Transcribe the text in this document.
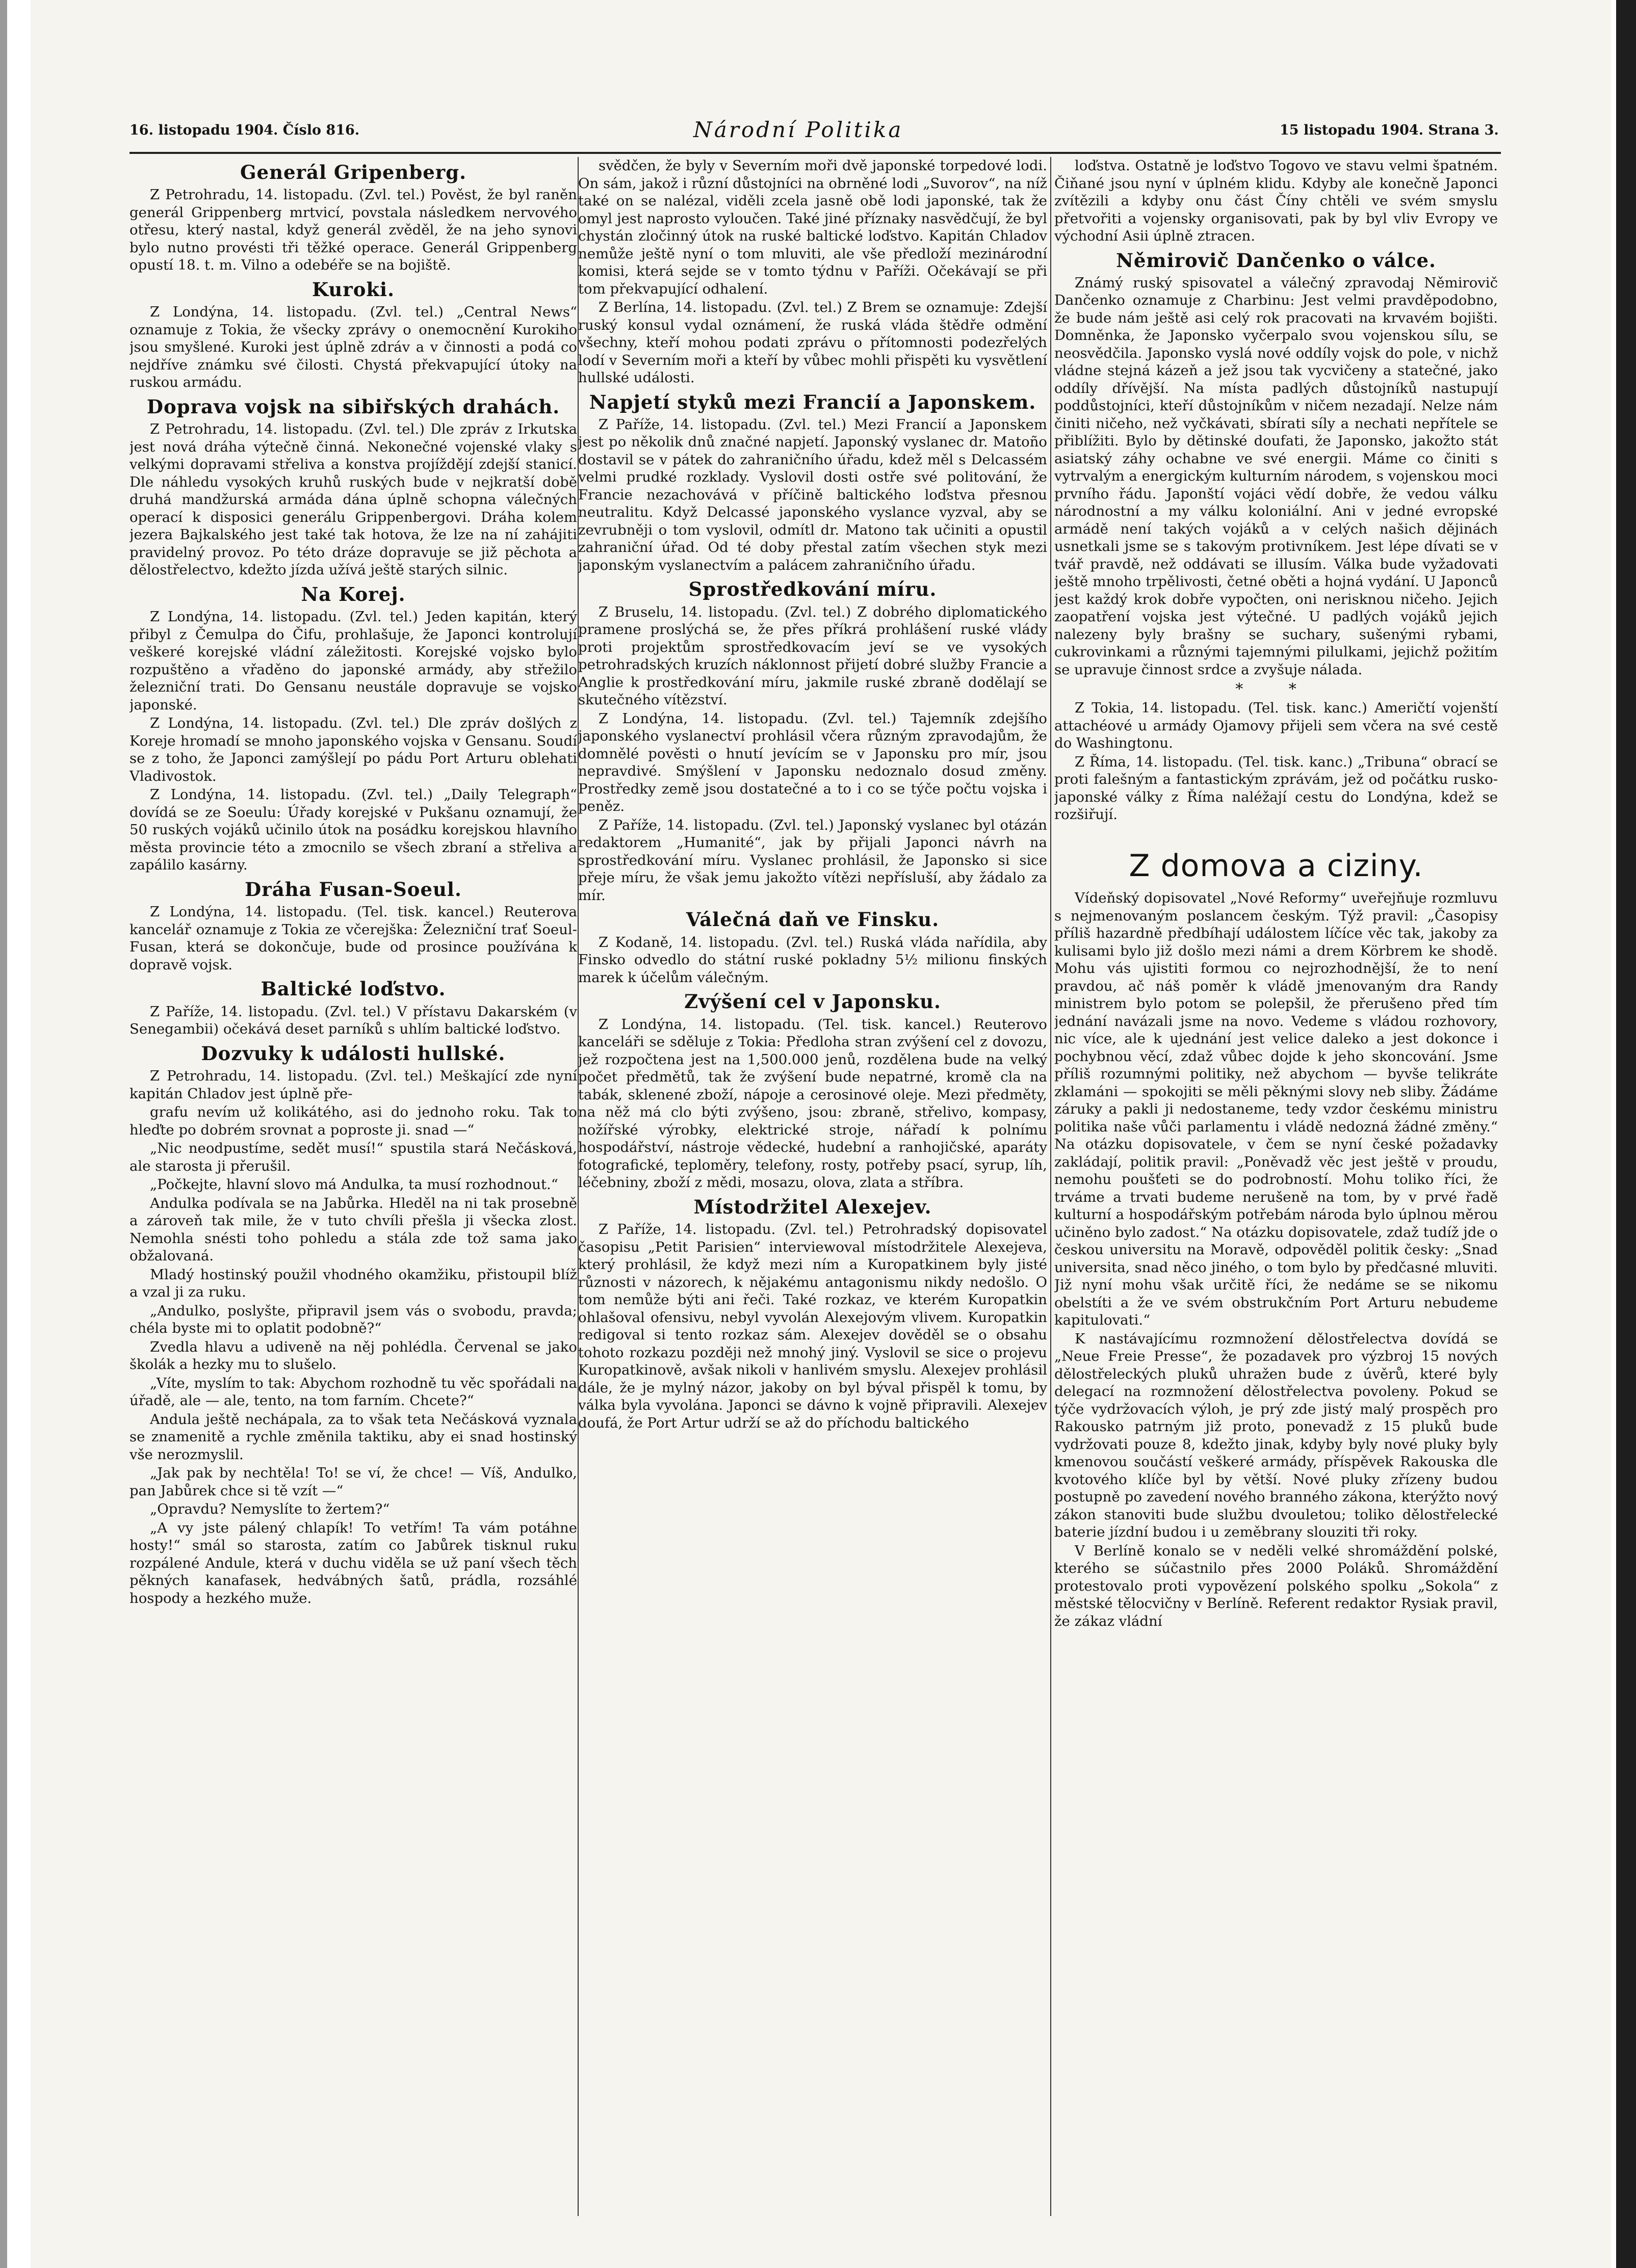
16. listopadu 1904. Číslo 816.	Národní Politika	15 listopadu 1904. Strana 3.
Generál Gripenberg.

Z Petrohradu, 14. listopadu. (Zvl. tel.) Pověst, že byl raněn generál Grippenberg mrtvicí, povstala následkem nervového otřesu, který nastal, když generál zvěděl, že na jeho synovi bylo nutno provésti tři těžké operace. Generál Grippenberg opustí 18. t. m. Vilno a odebéře se na bojiště.

Kuroki.

Z Londýna, 14. listopadu. (Zvl. tel.) „Central News“ oznamuje z Tokia, že všecky zprávy o onemocnění Kurokiho jsou smyšlené. Kuroki jest úplně zdráv a v činnosti a podá co nejdříve známku své čilosti. Chystá překvapující útoky na ruskou armádu.

Doprava vojsk na sibiřských drahách.

Z Petrohradu, 14. listopadu. (Zvl. tel.) Dle zpráv z Irkutska jest nová dráha výtečně činná. Nekonečné vojenské vlaky s velkými dopravami střeliva a konstva projíždějí zdejší stanicí. Dle náhledu vysokých kruhů ruských bude v nejkratší době druhá mandžurská armáda dána úplně schopna válečných operací k disposici generálu Grippenbergovi. Dráha kolem jezera Bajkalského jest také tak hotova, že lze na ní zahájiti pravidelný provoz. Po této dráze dopravuje se již pěchota a dělostřelectvo, kdežto jízda užívá ještě starých silnic.

Na Korej.

Z Londýna, 14. listopadu. (Zvl. tel.) Jeden kapitán, který přibyl z Čemulpa do Čifu, prohlašuje, že Japonci kontrolují veškeré korejské vládní záležitosti. Korejské vojsko bylo rozpuštěno a vřaděno do japonské armády, aby střežilo železniční trati. Do Gensanu neustále dopravuje se vojsko japonské.

Z Londýna, 14. listopadu. (Zvl. tel.) Dle zpráv došlých z Koreje hromadí se mnoho japonského vojska v Gensanu. Soudí se z toho, že Japonci zamýšlejí po pádu Port Arturu oblehati Vladivostok.

Z Londýna, 14. listopadu. (Zvl. tel.) „Daily Telegraph“ dovídá se ze Soeulu: Úřady korejské v Pukšanu oznamují, že 50 ruských vojáků učinilo útok na posádku korejskou hlavního města provincie této a zmocnilo se všech zbraní a střeliva a zapálilo kasárny.

Dráha Fusan-Soeul.

Z Londýna, 14. listopadu. (Tel. tisk. kancel.) Reuterova kancelář oznamuje z Tokia ze včerejška: Železniční trať Soeul-Fusan, která se dokončuje, bude od prosince používána k dopravě vojsk.

Baltické loďstvo.

Z Paříže, 14. listopadu. (Zvl. tel.) V přístavu Dakarském (v Senegambii) očekává deset parníků s uhlím baltické loďstvo.

Dozvuky k události hullské.

Z Petrohradu, 14. listopadu. (Zvl. tel.) Meškající zde nyní kapitán Chladov jest úplně pře-

grafu nevím už kolikátého, asi do jednoho roku. Tak to hleďte po dobrém srovnat a poproste ji. snad —“

„Nic neodpustíme, sedět musí!“ spustila stará Nečásková, ale starosta ji přerušil.

„Počkejte, hlavní slovo má Andulka, ta musí rozhodnout.“

Andulka podívala se na Jabůrka. Hleděl na ni tak prosebně a zároveň tak mile, že v tuto chvíli přešla ji všecka zlost. Nemohla snésti toho pohledu a stála zde tož sama jako obžalovaná.

Mladý hostinský použil vhodného okamžiku, přistoupil blíž a vzal ji za ruku.

„Andulko, poslyšte, připravil jsem vás o svobodu, pravda; chéla byste mi to oplatit podobně?“

Zvedla hlavu a udiveně na něj pohlédla. Červenal se jako školák a hezky mu to slušelo.

„Víte, myslím to tak: Abychom rozhodně tu věc spořádali na úřadě, ale — ale, tento, na tom farním. Chcete?“

Andula ještě nechápala, za to však teta Nečásková vyznala se znamenitě a rychle změnila taktiku, aby ei snad hostinský vše nerozmyslil.

„Jak pak by nechtěla! To! se ví, že chce! — Víš, Andulko, pan Jabůrek chce si tě vzít —“

„Opravdu? Nemyslíte to žertem?“

„A vy jste pálený chlapík! To vetřím! Ta vám potáhne hosty!“ smál so starosta, zatím co Jabůrek tisknul ruku rozpálené Andule, která v duchu viděla se už paní všech těch pěkných kanafasek, hedvábných šatů, prádla, rozsáhlé hospody a hezkého muže.

svědčen, že byly v Severním moři dvě japonské torpedové lodi. On sám, jakož i různí důstojníci na obrněné lodi „Suvorov“, na níž také on se nalézal, viděli zcela jasně obě lodi japonské, tak že omyl jest naprosto vyloučen. Také jiné příznaky nasvědčují, že byl chystán zločinný útok na ruské baltické loďstvo. Kapitán Chladov nemůže ještě nyní o tom mluviti, ale vše předloží mezinárodní komisi, která sejde se v tomto týdnu v Paříži. Očekávají se při tom překvapující odhalení.

Z Berlína, 14. listopadu. (Zvl. tel.) Z Brem se oznamuje: Zdejší ruský konsul vydal oznámení, že ruská vláda štědře odmění všechny, kteří mohou podati zprávu o přítomnosti podezřelých lodí v Severním moři a kteří by vůbec mohli přispěti ku vysvětlení hullské události.

Napjetí styků mezi Francií a Japonskem.

Z Paříže, 14. listopadu. (Zvl. tel.) Mezi Francií a Japonskem jest po několik dnů značné napjetí. Japonský vyslanec dr. Matoño dostavil se v pátek do zahraničního úřadu, kdež měl s Delcassém velmi prudké rozklady. Vyslovil dosti ostře své politování, že Francie nezachovává v příčině baltického loďstva přesnou neutralitu. Když Delcassé japonského vyslance vyzval, aby se zevrubněji o tom vyslovil, odmítl dr. Matono tak učiniti a opustil zahraniční úřad. Od té doby přestal zatím všechen styk mezi japonským vyslanectvím a palácem zahraničního úřadu.

Sprostředkování míru.

Z Bruselu, 14. listopadu. (Zvl. tel.) Z dobrého diplomatického pramene proslýchá se, že přes příkrá prohlášení ruské vlády proti projektům sprostředkovacím jeví se ve vysokých petrohradských kruzích náklonnost přijetí dobré služby Francie a Anglie k prostředkování míru, jakmile ruské zbraně dodělají se skutečného vítězství.

Z Londýna, 14. listopadu. (Zvl. tel.) Tajemník zdejšího japonského vyslanectví prohlásil včera různým zpravodajům, že domnělé pověsti o hnutí jevícím se v Japonsku pro mír, jsou nepravdivé. Smýšlení v Japonsku nedoznalo dosud změny. Prostředky země jsou dostatečné a to i co se týče počtu vojska i peněz.

Z Paříže, 14. listopadu. (Zvl. tel.) Japonský vyslanec byl otázán redaktorem „Humanité“, jak by přijali Japonci návrh na sprostředkování míru. Vyslanec prohlásil, že Japonsko si sice přeje míru, že však jemu jakožto vítězi nepřísluší, aby žádalo za mír.

Válečná daň ve Finsku.

Z Kodaně, 14. listopadu. (Zvl. tel.) Ruská vláda nařídila, aby Finsko odvedlo do státní ruské pokladny 5½ milionu finských marek k účelům válečným.

Zvýšení cel v Japonsku.

Z Londýna, 14. listopadu. (Tel. tisk. kancel.) Reuterovo kanceláři se sděluje z Tokia: Předloha stran zvýšení cel z dovozu, jež rozpočtena jest na 1,500.000 jenů, rozdělena bude na velký počet předmětů, tak že zvýšení bude nepatrné, kromě cla na tabák, sklenené zboží, nápoje a cerosinové oleje. Mezi předměty, na něž má clo býti zvýšeno, jsou: zbraně, střelivo, kompasy, nožířské výrobky, elektrické stroje, nářadí k polnímu hospodářství, nástroje vědecké, hudební a ranhojičské, aparáty fotografické, teploměry, telefony, rosty, potřeby psací, syrup, líh, léčebniny, zboží z mědi, mosazu, olova, zlata a stříbra.

Místodržitel Alexejev.

Z Paříže, 14. listopadu. (Zvl. tel.) Petrohradský dopisovatel časopisu „Petit Parisien“ interviewoval místodržitele Alexejeva, který prohlásil, že když mezi ním a Kuropatkinem byly jisté různosti v názorech, k nějakému antagonismu nikdy nedošlo. O tom nemůže býti ani řeči. Také rozkaz, ve kterém Kuropatkin ohlašoval ofensivu, nebyl vyvolán Alexejovým vlivem. Kuropatkin redigoval si tento rozkaz sám. Alexejev dověděl se o obsahu tohoto rozkazu později než mnohý jiný. Vyslovil se sice o projevu Kuropatkinově, avšak nikoli v hanlivém smyslu. Alexejev prohlásil dále, že je mylný názor, jakoby on byl býval přispěl k tomu, by válka byla vyvolána. Japonci se dávno k vojně připravili. Alexejev doufá, že Port Artur udrží se až do příchodu baltického

loďstva. Ostatně je loďstvo Togovo ve stavu velmi špatném. Čiňané jsou nyní v úplném klidu. Kdyby ale konečně Japonci zvítězili a kdyby onu část Číny chtěli ve svém smyslu přetvořiti a vojensky organisovati, pak by byl vliv Evropy ve východní Asii úplně ztracen.

Němirovič Dančenko o válce.

Známý ruský spisovatel a válečný zpravodaj Němirovič Dančenko oznamuje z Charbinu: Jest velmi pravděpodobno, že bude nám ještě asi celý rok pracovati na krvavém bojišti. Domněnka, že Japonsko vyčerpalo svou vojenskou sílu, se neosvědčila. Japonsko vyslá nové oddíly vojsk do pole, v nichž vládne stejná kázeň a jež jsou tak vycvičeny a statečné, jako oddíly dřívější. Na místa padlých důstojníků nastupují poddůstojníci, kteří důstojníkům v ničem nezadají. Nelze nám činiti ničeho, než vyčkávati, sbírati síly a nechati nepřítele se přiblížiti. Bylo by dětinské doufati, že Japonsko, jakožto stát asiatský záhy ochabne ve své energii. Máme co činiti s vytrvalým a energickým kulturním národem, s vojenskou moci prvního řádu. Japonští vojáci vědí dobře, že vedou válku národnostní a my válku koloniální. Ani v jedné evropské armádě není takých vojáků a v celých našich dějinách usnetkali jsme se s takovým protivníkem. Jest lépe dívati se v tvář pravdě, než oddávati se illusím. Válka bude vyžadovati ještě mnoho trpělivosti, četné oběti a hojná vydání. U Japonců jest každý krok dobře vypočten, oni nerisknou ničeho. Jejich zaopatření vojska jest výtečné. U padlých vojáků jejich nalezeny byly brašny se suchary, sušenými rybami, cukrovinkami a různými tajemnými pilulkami, jejichž požitím se upravuje činnost srdce a zvyšuje nálada.

* *

Z Tokia, 14. listopadu. (Tel. tisk. kanc.) Američtí vojenští attachéové u armády Ojamovy přijeli sem včera na své cestě do Washingtonu.

Z Říma, 14. listopadu. (Tel. tisk. kanc.) „Tribuna“ obrací se proti falešným a fantastickým zprávám, jež od počátku rusko-japonské války z Říma naléžají cestu do Londýna, kdež se rozšiřují.

Z domova a ciziny.

Vídeňský dopisovatel „Nové Reformy“ uveřejňuje rozmluvu s nejmenovaným poslancem českým. Týž pravil: „Časopisy příliš hazardně předbíhají událostem líčíce věc tak, jakoby za kulisami bylo již došlo mezi námi a drem Körbrem ke shodě. Mohu vás ujistiti formou co nejrozhodnější, že to není pravdou, ač náš poměr k vládě jmenovaným dra Randy ministrem bylo potom se polepšil, že přerušeno před tím jednání navázali jsme na novo. Vedeme s vládou rozhovory, nic více, ale k ujednání jest velice daleko a jest dokonce i pochybnou věcí, zdaž vůbec dojde k jeho skoncování. Jsme příliš rozumnými politiky, než abychom — byvše telikráte zklamáni — spokojiti se měli pěknými slovy neb sliby. Žádáme záruky a pakli ji nedostaneme, tedy vzdor českému ministru politika naše vůči parlamentu i vládě nedozná žádné změny.“ Na otázku dopisovatele, v čem se nyní české požadavky zakládají, politik pravil: „Poněvadž věc jest ještě v proudu, nemohu poušťeti se do podrobností. Mohu toliko říci, že trváme a trvati budeme nerušeně na tom, by v prvé řadě kulturní a hospodářským potřebám národa bylo úplnou měrou učiněno bylo zadost.“ Na otázku dopisovatele, zdaž tudíž jde o českou universitu na Moravě, odpověděl politik česky: „Snad universita, snad něco jiného, o tom bylo by předčasné mluviti. Již nyní mohu však určitě říci, že nedáme se se nikomu obelstíti a že ve svém obstrukčním Port Arturu nebudeme kapitulovati.“

K nastávajícímu rozmnožení dělostřelectva dovídá se „Neue Freie Presse“, že pozadavek pro výzbroj 15 nových dělostřeleckých pluků uhražen bude z úvěrů, které byly delegací na rozmnožení dělostřelectva povoleny. Pokud se týče vydržovacích výloh, je prý zde jistý malý prospěch pro Rakousko patrným již proto, ponevadž z 15 pluků bude vydržovati pouze 8, kdežto jinak, kdyby byly nové pluky byly kmenovou součástí veškeré armády, příspěvek Rakouska dle kvotového klíče byl by větší. Nové pluky zřízeny budou postupně po zavedení nového branného zákona, kterýžto nový zákon stanoviti bude službu dvouletou; toliko dělostřelecké baterie jízdní budou i u zeměbrany slouziti tři roky.

V Berlíně konalo se v neděli velké shromáždění polské, kterého se súčastnilo přes 2000 Poláků. Shromáždění protestovalo proti vypovězení polského spolku „Sokola“ z městské tělocvičny v Berlíně. Referent redaktor Rysiak pravil, že zákaz vládní
